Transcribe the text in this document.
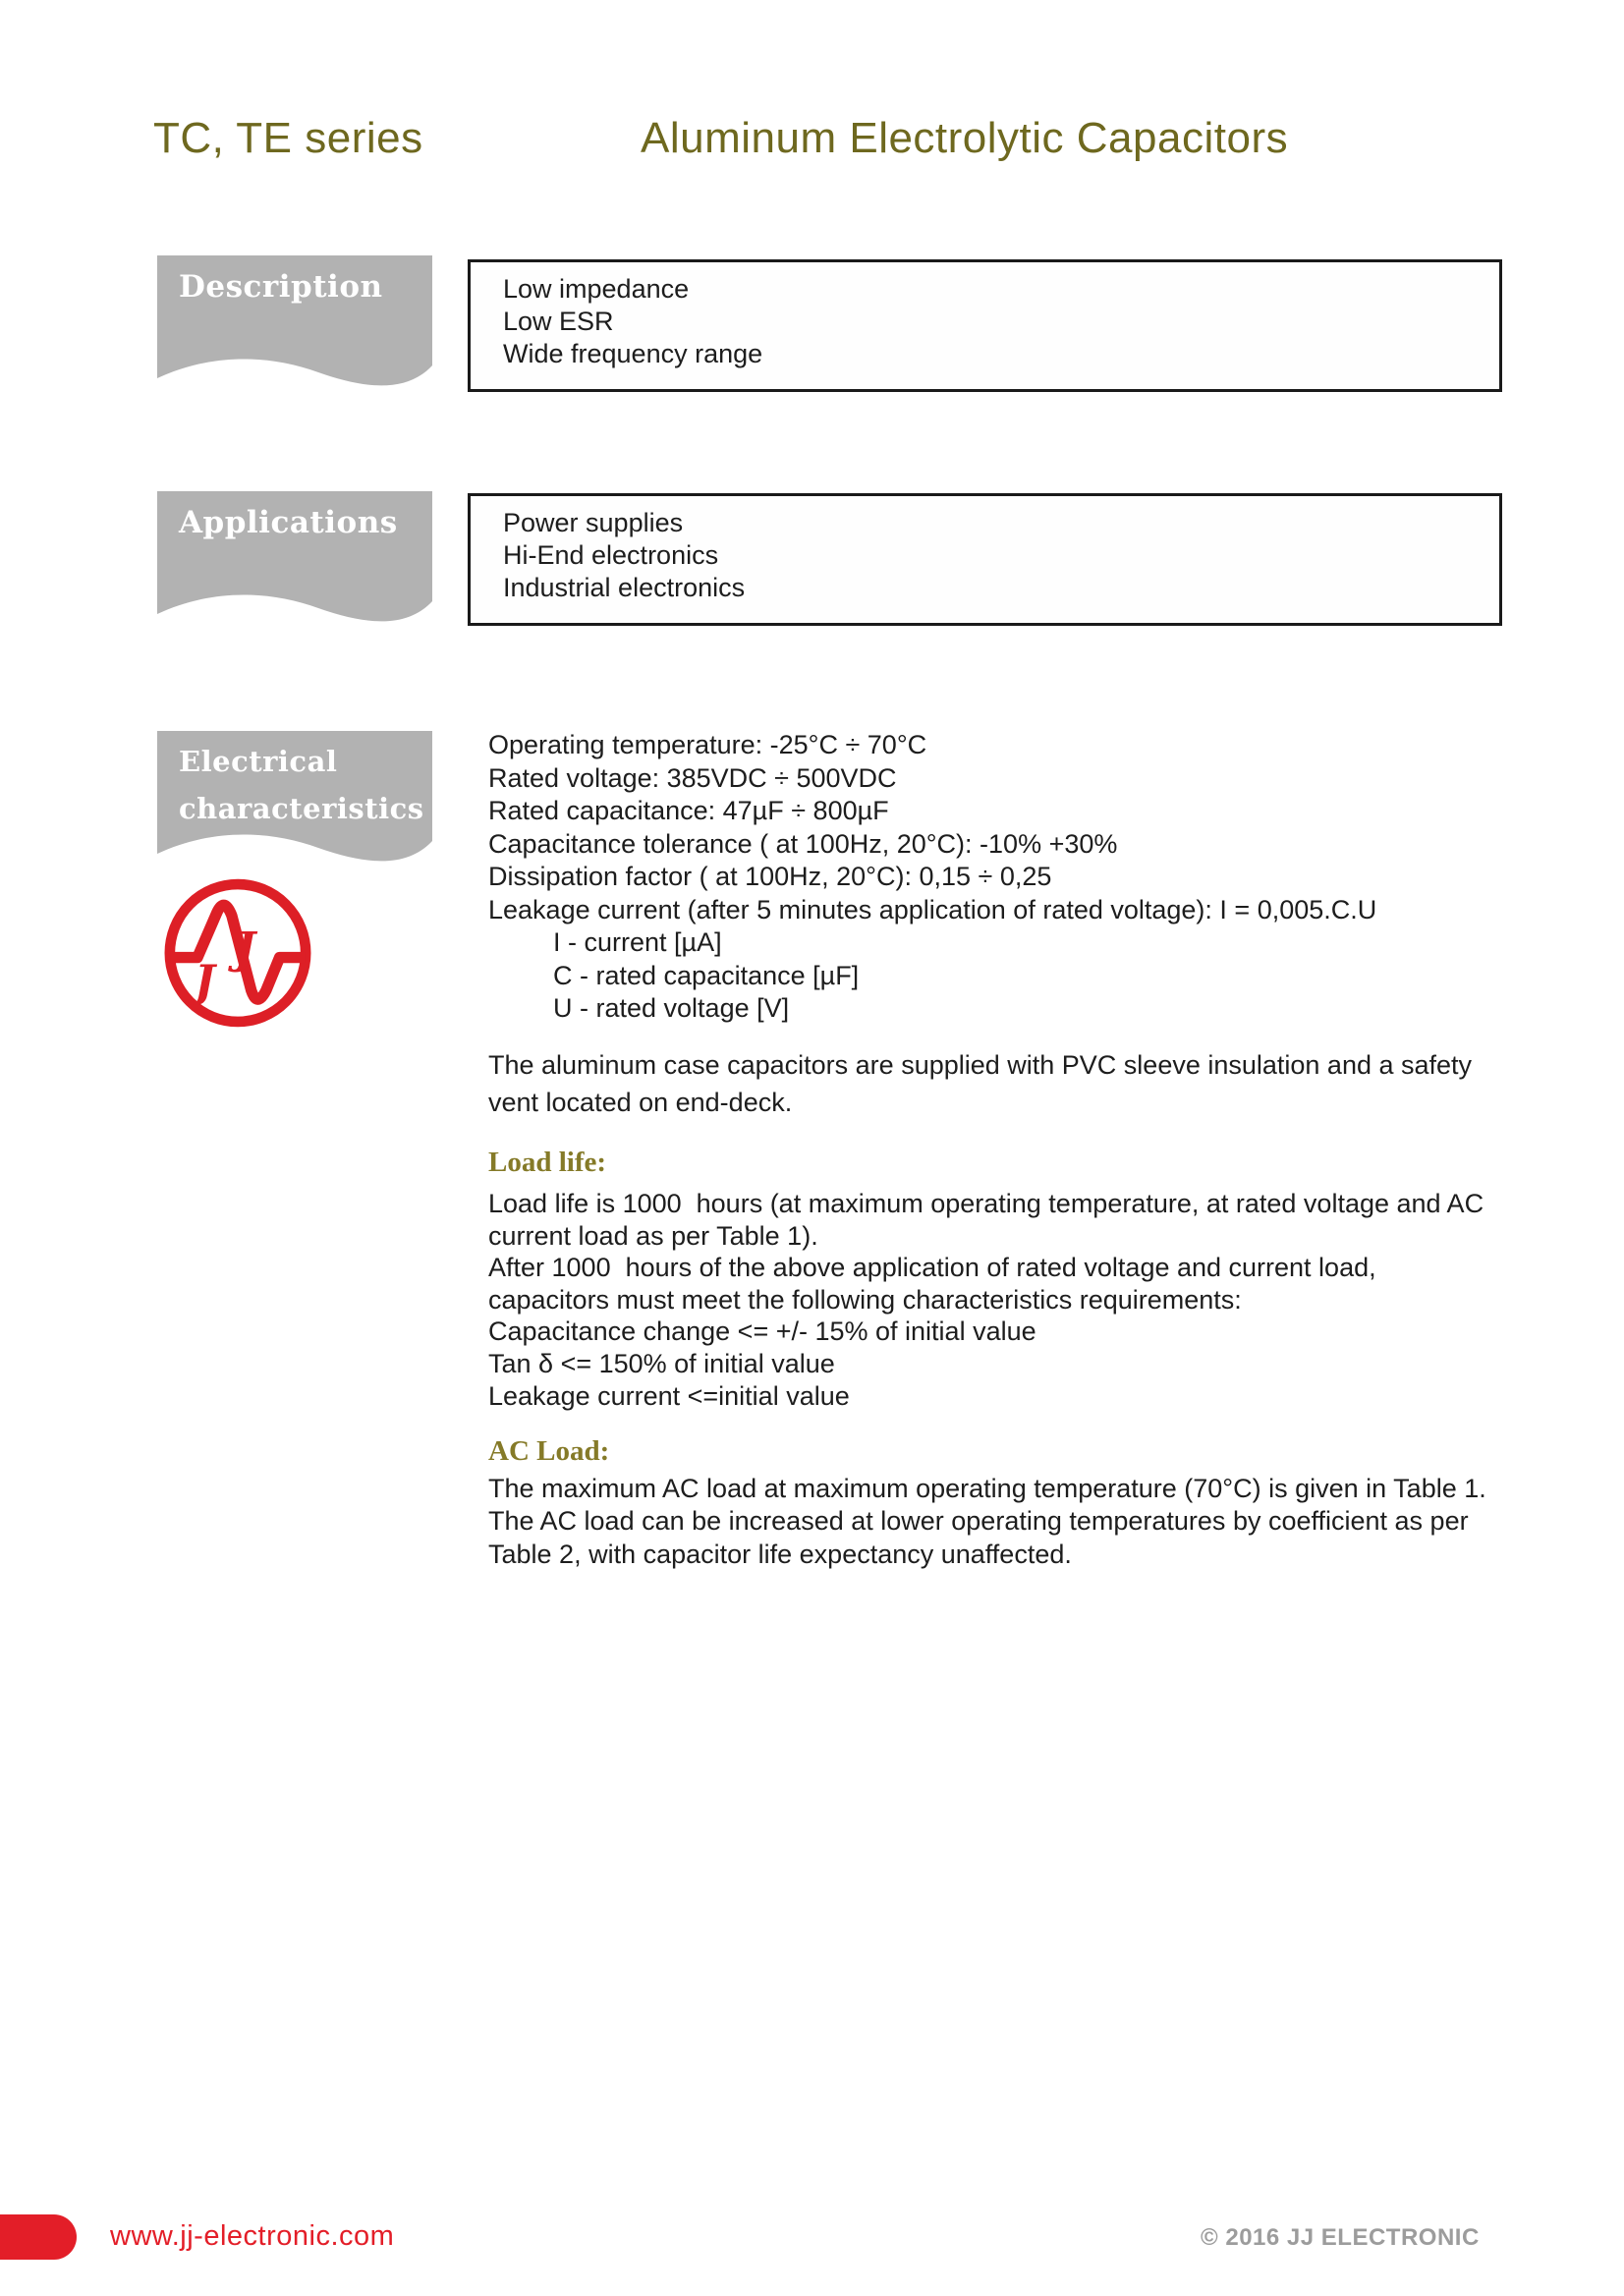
TC, TE series	Aluminum Electrolytic Capacitors
Description	Low impedance
Low ESR
Wide frequency range
Applications	Power supplies
Hi-End electronics
Industrial electronics
Electrical
characteristics
J
J
Operating temperature: -25°C ÷ 70°C
Rated voltage: 385VDC ÷ 500VDC
Rated capacitance: 47µF ÷ 800µF
Capacitance tolerance ( at 100Hz, 20°C): -10% +30%
Dissipation factor ( at 100Hz, 20°C): 0,15 ÷ 0,25
Leakage current (after 5 minutes application of rated voltage): I = 0,005.C.U
I - current [µA]
C - rated capacitance [µF]
U - rated voltage [V]
The aluminum case capacitors are supplied with PVC sleeve insulation and a safety
vent located on end-deck.
Load life:
Load life is 1000  hours (at maximum operating temperature, at rated voltage and AC
current load as per Table 1).
After 1000  hours of the above application of rated voltage and current load,
capacitors must meet the following characteristics requirements:
Capacitance change <= +/- 15% of initial value
Tan δ <= 150% of initial value
Leakage current <=initial value
AC Load:
The maximum AC load at maximum operating temperature (70°C) is given in Table 1.
The AC load can be increased at lower operating temperatures by coefficient as per
Table 2, with capacitor life expectancy unaffected.
www.jj-electronic.com	© 2016 JJ ELECTRONIC
